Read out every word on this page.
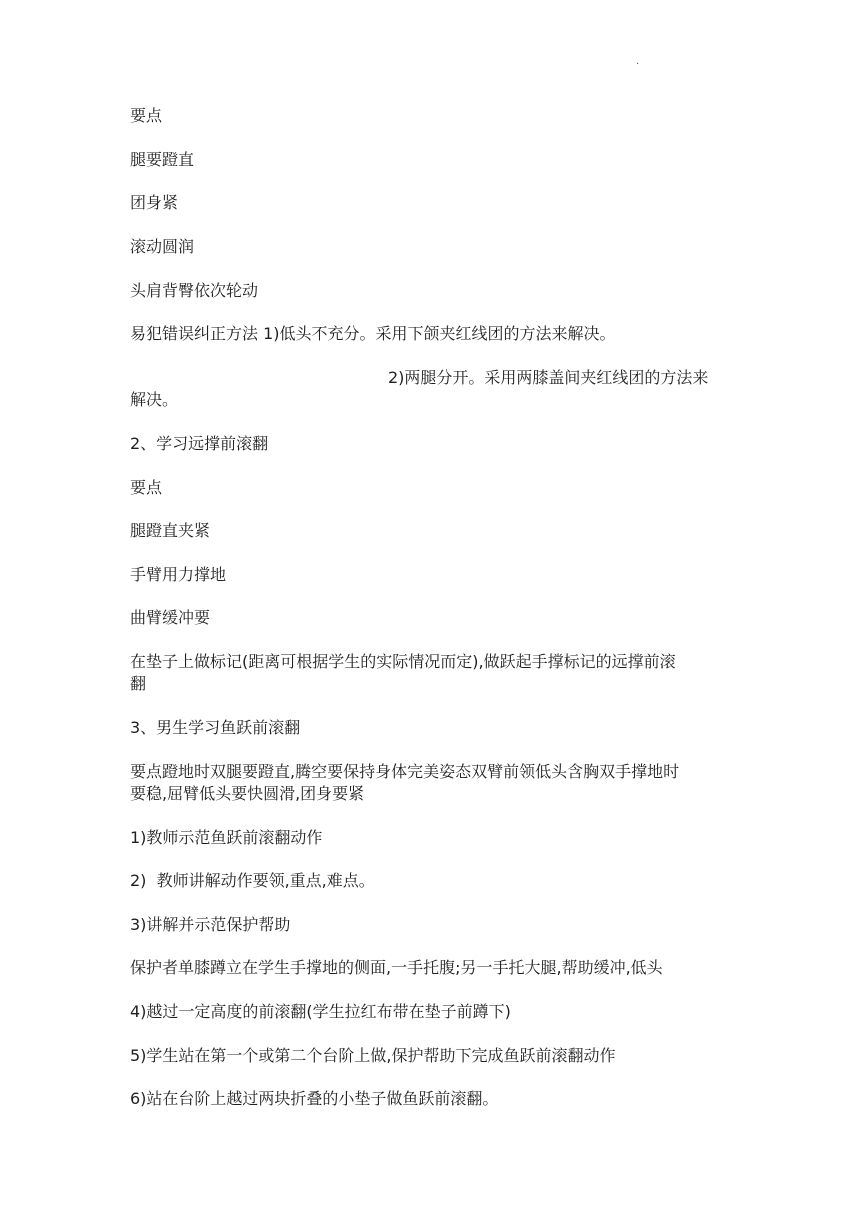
.
要点
腿要蹬直
团身紧
滚动圆润
头肩背臀依次轮动
易犯错误纠正方法 1)低头不充分。采用下颌夹红线团的方法来解决。
2)两腿分开。采用两膝盖间夹红线团的方法来
解决。
2、学习远撑前滚翻
要点
腿蹬直夹紧
手臂用力撑地
曲臂缓冲要
在垫子上做标记(距离可根据学生的实际情况而定),做跃起手撑标记的远撑前滚
翻
3、男生学习鱼跃前滚翻
要点蹬地时双腿要蹬直,腾空要保持身体完美姿态双臂前领低头含胸双手撑地时
要稳,屈臂低头要快圆滑,团身要紧
1)教师示范鱼跃前滚翻动作
2)  教师讲解动作要领,重点,难点。
3)讲解并示范保护帮助
保护者单膝蹲立在学生手撑地的侧面,一手托腹;另一手托大腿,帮助缓冲,低头
4)越过一定高度的前滚翻(学生拉红布带在垫子前蹲下)
5)学生站在第一个或第二个台阶上做,保护帮助下完成鱼跃前滚翻动作
6)站在台阶上越过两块折叠的小垫子做鱼跃前滚翻。
